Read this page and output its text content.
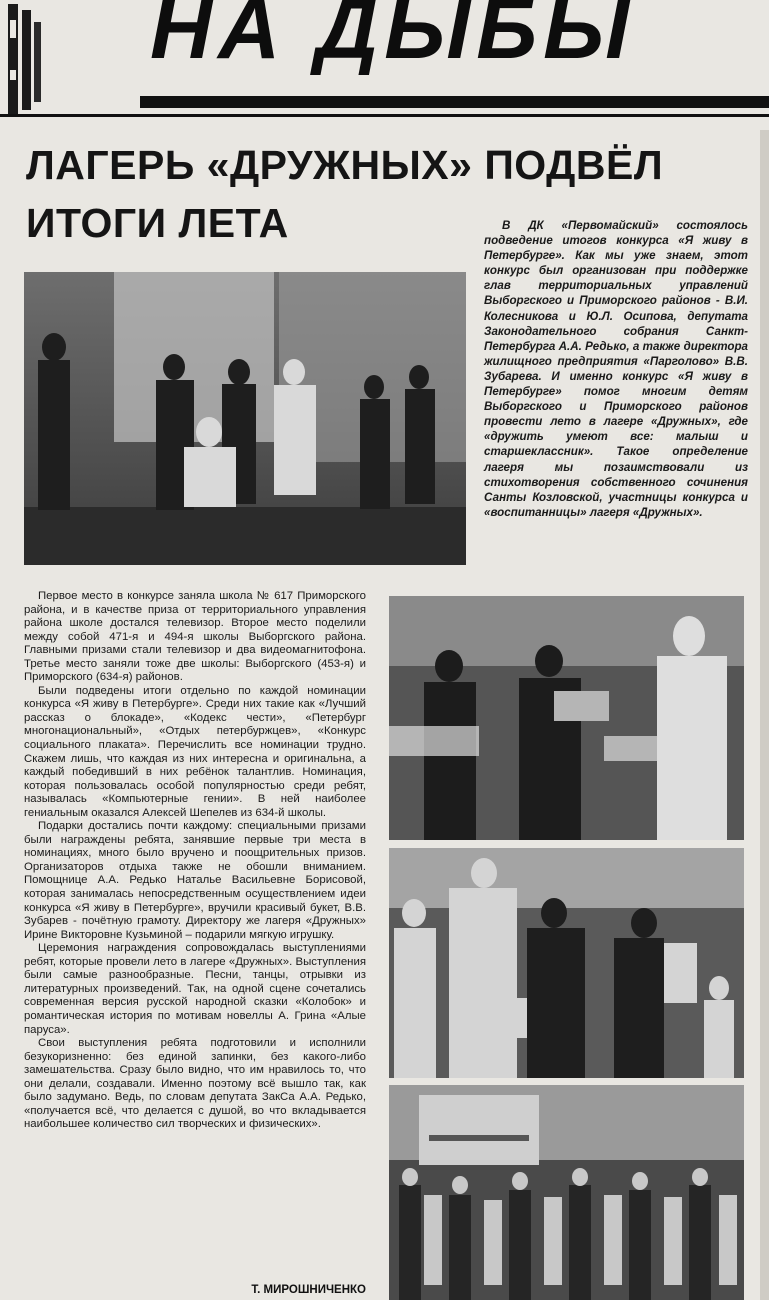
НА ДЫБЫ
ЛАГЕРЬ «ДРУЖНЫХ» ПОДВЁЛ ИТОГИ ЛЕТА	В ДК «Первомайский» состоялось подведение итогов конкурса «Я живу в Петербурге». Как мы уже знаем, этот конкурс был организован при поддержке глав территориальных управлений Выборгского и Приморского районов - В.И. Колесникова и Ю.Л. Осипова, депутата Законодательного собрания Санкт-Петербурга А.А. Редько, а также директора жилищного предприятия «Парголово» В.В. Зубарева. И именно конкурс «Я живу в Петербурге» помог многим детям Выборгского и Приморского районов провести лето в лагере «Дружных», где «дружить умеют все: малыш и старшеклассник». Такое определение лагеря мы позаимствовали из стихотворения собственного сочинения Санты Козловской, участницы конкурса и «воспитанницы» лагеря «Дружных».

Первое место в конкурсе заняла школа № 617 Приморского района, и в качестве приза от территориального управления района школе достался телевизор. Второе место поделили между собой 471-я и 494-я школы Выборгского района. Главными призами стали телевизор и два видеомагнитофона. Третье место заняли тоже две школы: Выборгского (453-я) и Приморского (634-я) районов.

Были подведены итоги отдельно по каждой номинации конкурса «Я живу в Петербурге». Среди них такие как «Лучший рассказ о блокаде», «Кодекс чести», «Петербург многонациональный», «Отдых петербуржцев», «Конкурс социального плаката». Перечислить все номинации трудно. Скажем лишь, что каждая из них интересна и оригинальна, а каждый победивший в них ребёнок талантлив. Номинация, которая пользовалась особой популярностью среди ребят, называлась «Компьютерные гении». В ней наиболее гениальным оказался Алексей Шепелев из 634-й школы.

Подарки достались почти каждому: специальными призами были награждены ребята, занявшие первые три места в номинациях, много было вручено и поощрительных призов. Организаторов отдыха также не обошли вниманием. Помощнице А.А. Редько Наталье Васильевне Борисовой, которая занималась непосредственным осуществлением идеи конкурса «Я живу в Петербурге», вручили красивый букет, В.В. Зубарев - почётную грамоту. Директору же лагеря «Дружных» Ирине Викторовне Кузьминой – подарили мягкую игрушку.

Церемония награждения сопровождалась выступлениями ребят, которые провели лето в лагере «Дружных». Выступления были самые разнообразные. Песни, танцы, отрывки из литературных произведений. Так, на одной сцене сочетались современная версия русской народной сказки «Колобок» и романтическая история по мотивам новеллы А. Грина «Алые паруса».

Свои выступления ребята подготовили и исполнили безукоризненно: без единой запинки, без какого-либо замешательства. Сразу было видно, что им нравилось то, что они делали, создавали. Именно поэтому всё вышло так, как было задумано. Ведь, по словам депутата ЗакСа А.А. Редько, «получается всё, что делается с душой, во что вкладывается наибольшее количество сил творческих и физических».

Т. МИРОШНИЧЕНКО
